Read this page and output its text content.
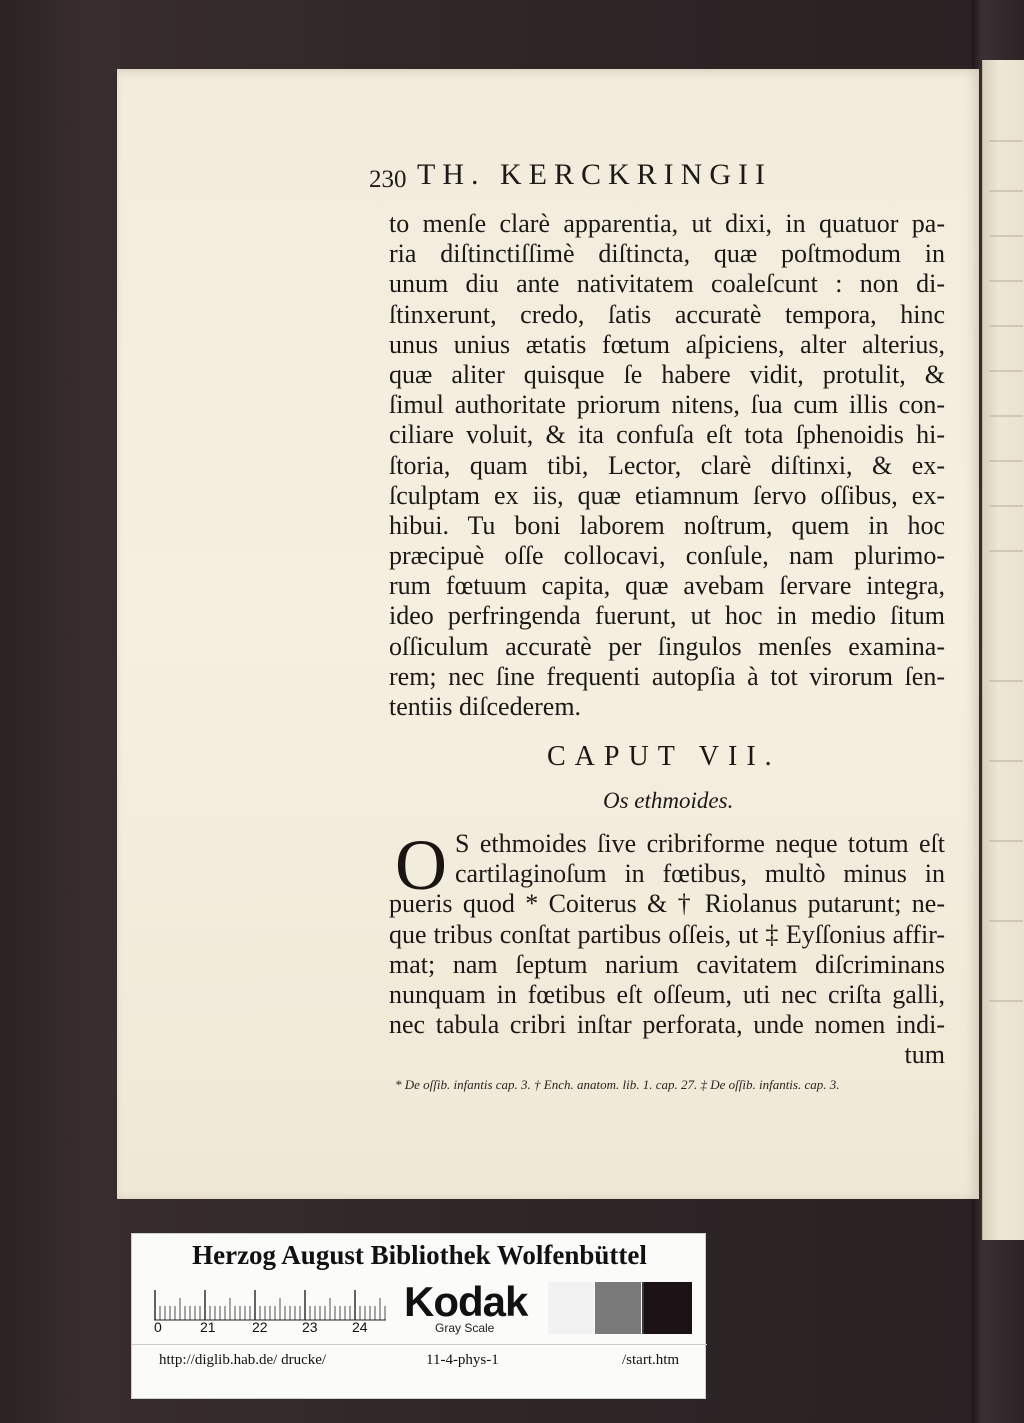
230 TH. KERCKRINGII
to menſe clarè apparentia, ut dixi, in quatuor pa-
ria diſtinctiſſimè diſtincta, quæ poſtmodum in
unum diu ante nativitatem coaleſcunt : non di-
ſtinxerunt, credo, ſatis accuratè tempora, hinc
unus unius ætatis fœtum aſpiciens, alter alterius,
quæ aliter quisque ſe habere vidit, protulit, &
ſimul authoritate priorum nitens, ſua cum illis con-
ciliare voluit, & ita confuſa eſt tota ſphenoidis hi-
ſtoria, quam tibi, Lector, clarè diſtinxi, & ex-
ſculptam ex iis, quæ etiamnum ſervo oſſibus, ex-
hibui. Tu boni laborem noſtrum, quem in hoc
præcipuè oſſe collocavi, conſule, nam plurimo-
rum fœtuum capita, quæ avebam ſervare integra,
ideo perfringenda fuerunt, ut hoc in medio ſitum
oſſiculum accuratè per ſingulos menſes examina-
rem; nec ſine frequenti autopſia à tot virorum ſen-
tentiis diſcederem.
CAPUT VII.
Os ethmoides.
O S ethmoides ſive cribriforme neque totum eſt
cartilaginoſum in fœtibus, multò minus in
pueris quod * Coiterus & † Riolanus putarunt; ne-
que tribus conſtat partibus oſſeis, ut ‡ Eyſſonius affir-
mat; nam ſeptum narium cavitatem diſcriminans
nunquam in fœtibus eſt oſſeum, uti nec criſta galli,
nec tabula cribri inſtar perforata, unde nomen indi-
tum
* De oſſib. infantis cap. 3. † Ench. anatom. lib. 1. cap. 27. ‡ De oſſib. infantis. cap. 3.
Herzog August Bibliothek Wolfenbüttel
0	21	22 23 24
Kodak
Gray Scale
http://diglib.hab.de/ drucke/	11-4-phys-1	/start.htm
